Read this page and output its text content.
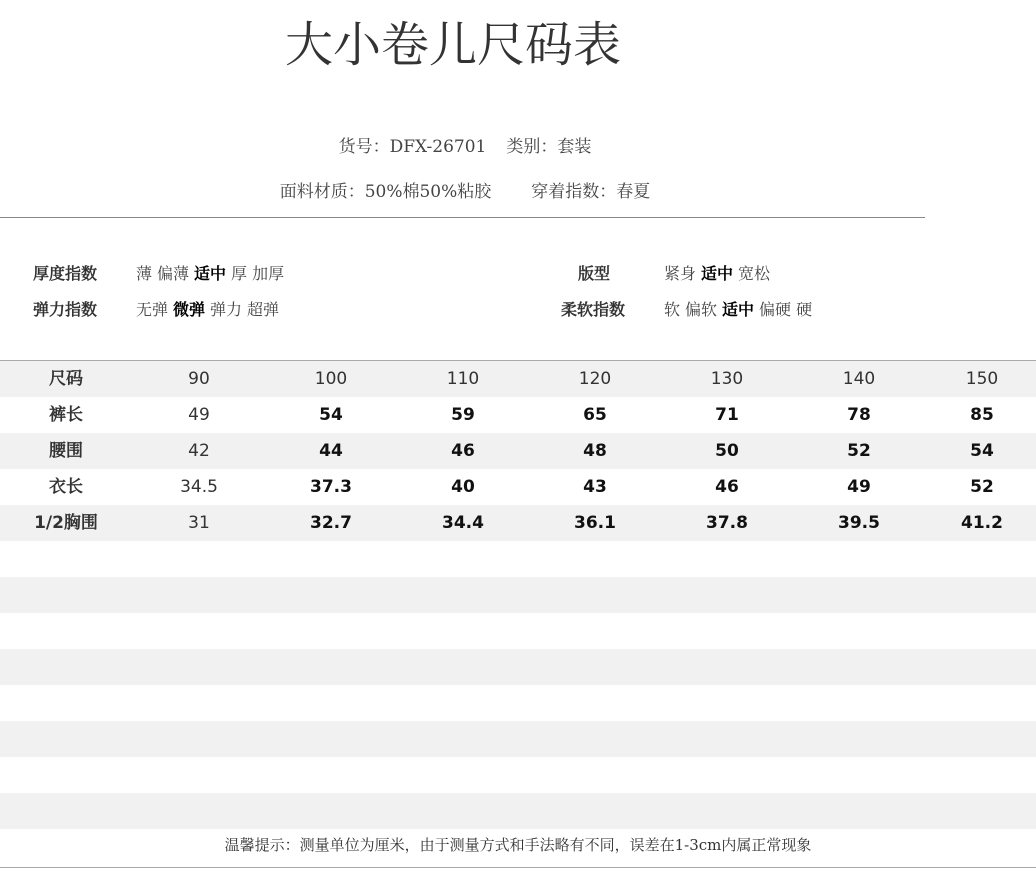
大小卷儿尺码表
货号：DFX-26701 类别：套装
面料材质：50%棉50%粘胶 穿着指数：春夏
厚度指数 薄 偏薄 适中 厚 加厚
弹力指数 无弹 微弹 弹力 超弹
版型	紧身 适中 宽松
柔软指数 软 偏软 适中 偏硬 硬
尺码	90	100	110	120	130	140	150
裤长	49	54	59	65	71	78	85
腰围	42	44	46	48	50	52	54
衣长	34.5	37.3	40	43	46	49	52
1/2胸围	31	32.7	34.4	36.1	37.8	39.5	41.2
温馨提示：测量单位为厘米，由于测量方式和手法略有不同，误差在1-3cm内属正常现象
